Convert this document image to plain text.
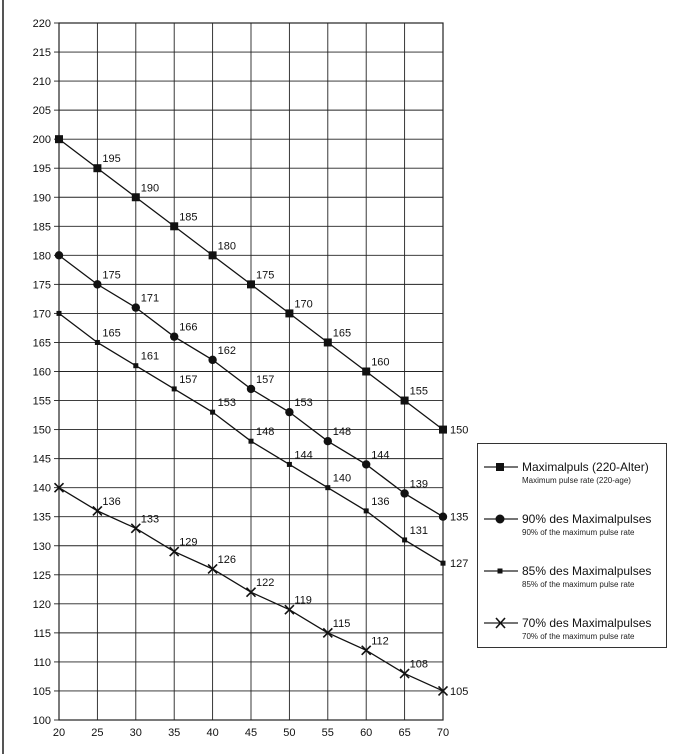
20 25 30 35 40 45 50 55 60 65 70
100
105
110
115
120
125
130
135
140
145
150
155
160
165
170
175
180
185
190
195
200
205
210
215
220
195
190
185
180
175
170
165
160
155
150
175
171
166
162
157
153
148
144
139
135
165
161
157
153
148
144
140
136
131
127
136
133
129
126
122
119
115
112
108
105
Maximalpuls (220-Alter)
Maximum pulse rate (220-age)
90% des Maximalpulses
90% of the maximum pulse rate
85% des Maximalpulses
85% of the maximum pulse rate
70% des Maximalpulses
70% of the maximum pulse rate
